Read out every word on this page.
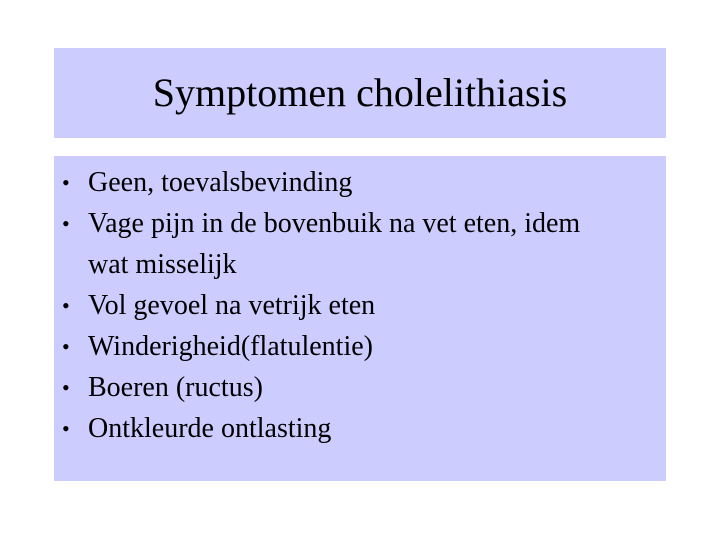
Symptomen cholelithiasis
• Geen, toevalsbevinding
• Vage pijn in de bovenbuik na vet eten, idem
wat misselijk
• Vol gevoel na vetrijk eten
• Winderigheid(flatulentie)
• Boeren (ructus)
• Ontkleurde ontlasting
